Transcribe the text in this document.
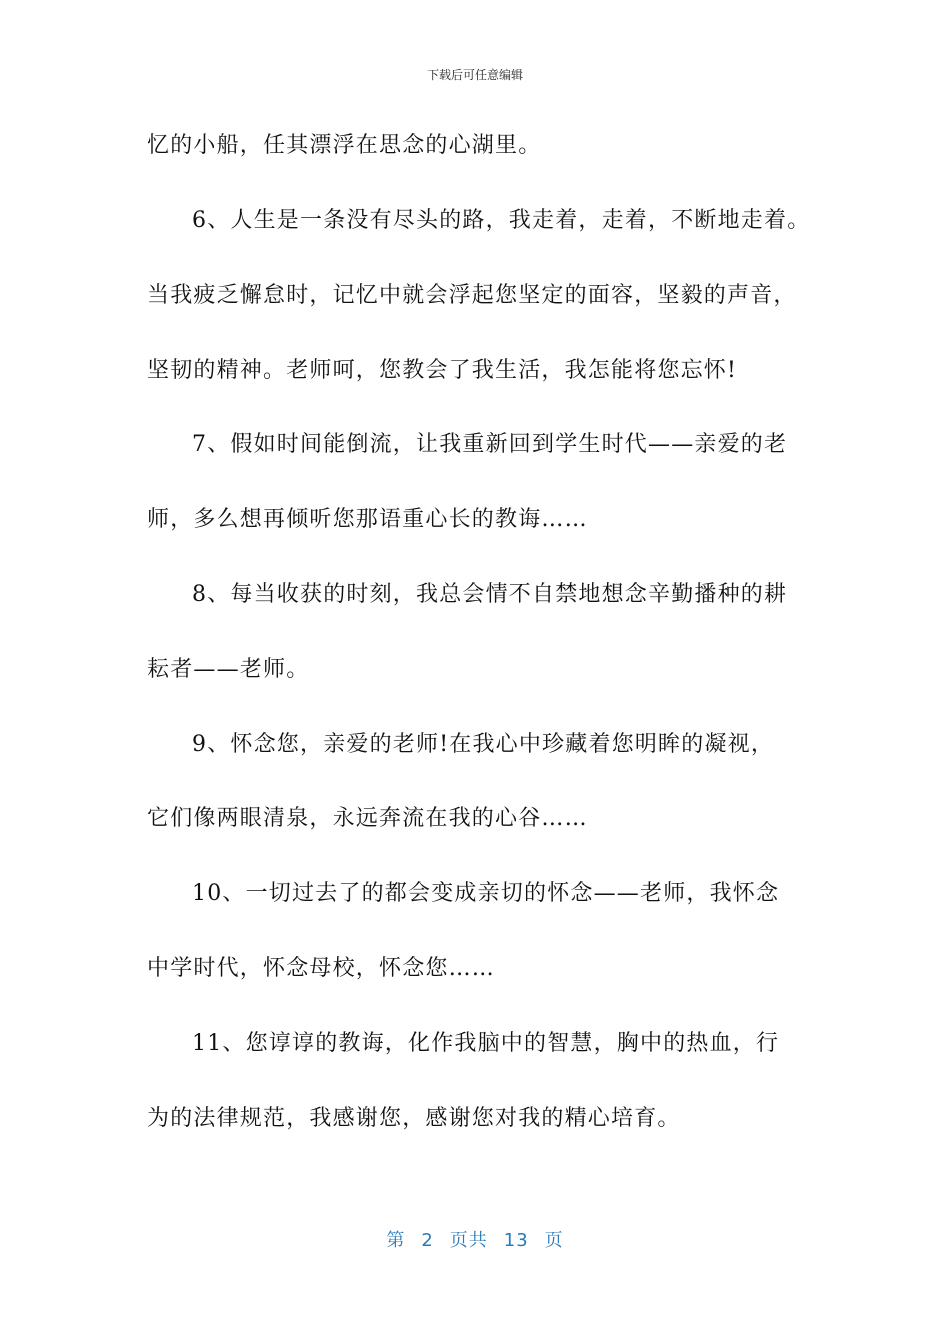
下载后可任意编辑
忆的小船，任其漂浮在思念的心湖里。
6、人生是一条没有尽头的路，我走着，走着，不断地走着。
当我疲乏懈怠时，记忆中就会浮起您坚定的面容，坚毅的声音，
坚韧的精神。老师呵，您教会了我生活，我怎能将您忘怀!
7、假如时间能倒流，让我重新回到学生时代——亲爱的老
师，多么想再倾听您那语重心长的教诲……
8、每当收获的时刻，我总会情不自禁地想念辛勤播种的耕
耘者——老师。
9、怀念您，亲爱的老师!在我心中珍藏着您明眸的凝视，
它们像两眼清泉，永远奔流在我的心谷……
10、一切过去了的都会变成亲切的怀念——老师，我怀念
中学时代，怀念母校，怀念您……
11、您谆谆的教诲，化作我脑中的智慧，胸中的热血，行
为的法律规范，我感谢您，感谢您对我的精心培育。
第 2 页共 13 页
